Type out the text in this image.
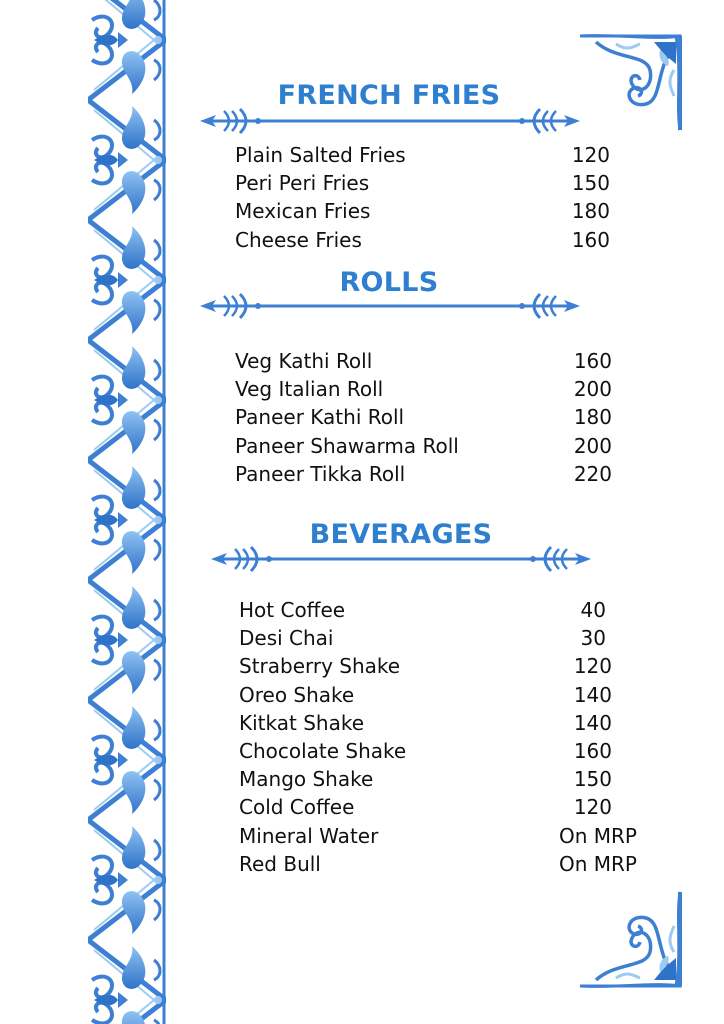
FRENCH FRIES
Plain Salted Fries	120
Peri Peri Fries	150
Mexican Fries	180
Cheese Fries	160
ROLLS
Veg Kathi Roll	160
Veg Italian Roll	200
Paneer Kathi Roll	180
Paneer Shawarma Roll	200
Paneer Tikka Roll	220
BEVERAGES
Hot Coffee	40
Desi Chai	30
Straberry Shake	120
Oreo Shake	140
Kitkat Shake	140
Chocolate Shake	160
Mango Shake	150
Cold Coffee	120
Mineral Water	On MRP
Red Bull	On MRP
